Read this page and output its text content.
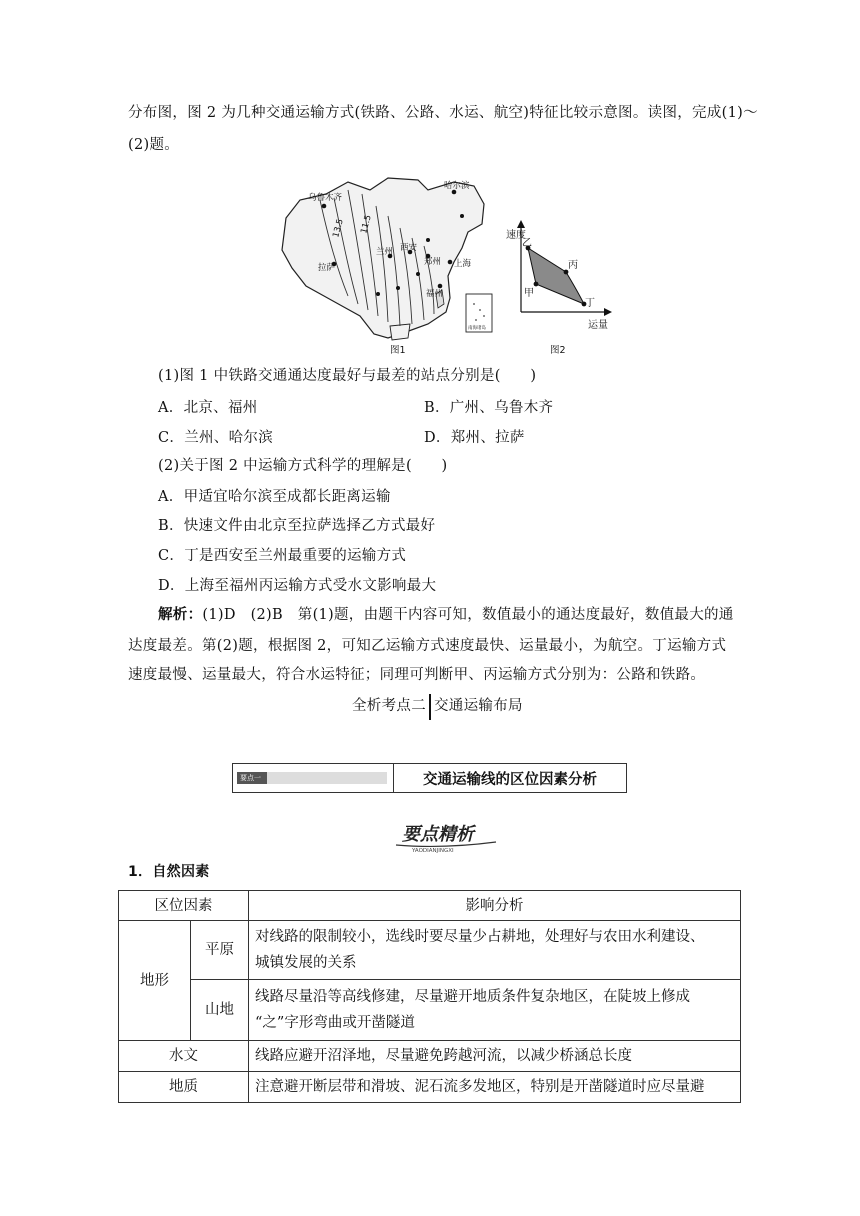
分布图，图 2 为几种交通运输方式(铁路、公路、水运、航空)特征比较示意图。读图，完成(1)～
(2)题。
乌鲁木齐
哈尔滨
拉萨
兰州 西安
郑州 上海
福州
13.5 11.5
南海诸岛
图1
速度
运量
乙
丙
甲
丁
图2
(1)图 1 中铁路交通通达度最好与最差的站点分别是(　　)
A．北京、福州	B．广州、乌鲁木齐
C．兰州、哈尔滨	D．郑州、拉萨
(2)关于图 2 中运输方式科学的理解是(　　)
A．甲适宜哈尔滨至成都长距离运输
B．快速文件由北京至拉萨选择乙方式最好
C．丁是西安至兰州最重要的运输方式
D．上海至福州丙运输方式受水文影响最大
解析：(1)D　(2)B　第(1)题，由题干内容可知，数值最小的通达度最好，数值最大的通
达度最差。第(2)题，根据图 2，可知乙运输方式速度最快、运量最小，为航空。丁运输方式
速度最慢、运量最大，符合水运特征；同理可判断甲、丙运输方式分别为：公路和铁路。
全析考点二 交通运输布局
要点一	交通运输线的区位因素分析
要点精析
YAODIANJINGXI
1．自然因素
区位因素		影响分析
地形	平原	对线路的限制较小，选线时要尽量少占耕地，处理好与农田水利建设、
城镇发展的关系

	山地	线路尽量沿等高线修建，尽量避开地质条件复杂地区，在陡坡上修成
“之”字形弯曲或开凿隧道

水文		线路应避开沼泽地，尽量避免跨越河流，以减少桥涵总长度
地质		注意避开断层带和滑坡、泥石流多发地区，特别是开凿隧道时应尽量避
